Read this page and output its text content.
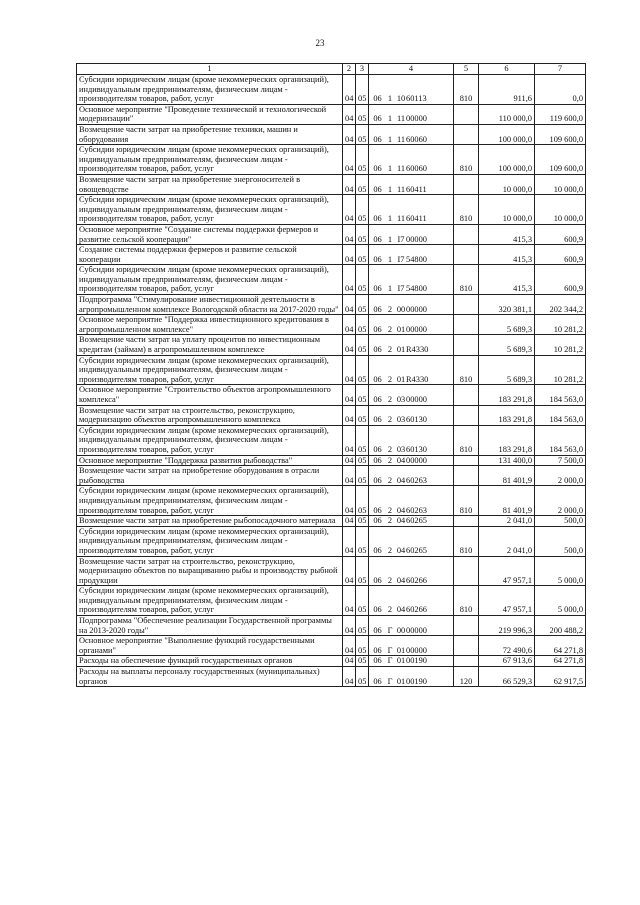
23
1	2	3	4	5	6	7
Субсидии юридическим лицам (кроме некоммерческих организаций), индивидуальным предпринимателям, физическим лицам - производителям товаров, работ, услуг	04	05	06 1 1060113	810	911,6	0,0
Основное мероприятие "Проведение технической и технологической модернизации"	04	05	06 1 1100000		110 000,0	119 600,0
Возмещение части затрат на приобретение техники, машин и оборудования	04	05	06 1 1160060		100 000,0	109 600,0
Субсидии юридическим лицам (кроме некоммерческих организаций), индивидуальным предпринимателям, физическим лицам - производителям товаров, работ, услуг	04	05	06 1 1160060	810	100 000,0	109 600,0
Возмещение части затрат на приобретение энергоносителей в овощеводстве	04	05	06 1 1160411		10 000,0	10 000,0
Субсидии юридическим лицам (кроме некоммерческих организаций), индивидуальным предпринимателям, физическим лицам - производителям товаров, работ, услуг	04	05	06 1 1160411	810	10 000,0	10 000,0
Основное мероприятие "Создание системы поддержки фермеров и развитие сельской кооперации"	04	05	06 1 I7 00000		415,3	600,9
Создание системы поддержки фермеров и развитие сельской кооперации	04	05	06 1 I7 54800		415,3	600,9
Субсидии юридическим лицам (кроме некоммерческих организаций), индивидуальным предпринимателям, физическим лицам - производителям товаров, работ, услуг	04	05	06 1 I7 54800	810	415,3	600,9
Подпрограмма "Стимулирование инвестиционной деятельности в агропромышленном комплексе Вологодской области на 2017-2020 годы"	04	05	06 2 0000000		320 381,1	202 344,2
Основное мероприятие "Поддержка инвестиционного кредитования в агропромышленном комплексе"	04	05	06 2 0100000		5 689,3	10 281,2
Возмещение части затрат на уплату процентов по инвестиционным кредитам (займам) в агропромышленном комплексе	04	05	06 2 01R4330		5 689,3	10 281,2
Субсидии юридическим лицам (кроме некоммерческих организаций), индивидуальным предпринимателям, физическим лицам - производителям товаров, работ, услуг	04	05	06 2 01R4330	810	5 689,3	10 281,2
Основное мероприятие "Строительство объектов агропромышленного комплекса"	04	05	06 2 0300000		183 291,8	184 563,0
Возмещение части затрат на строительство, реконструкцию, модернизацию объектов агропромышленного комплекса	04	05	06 2 0360130		183 291,8	184 563,0
Субсидии юридическим лицам (кроме некоммерческих организаций), индивидуальным предпринимателям, физическим лицам - производителям товаров, работ, услуг	04	05	06 2 0360130	810	183 291,8	184 563,0
Основное мероприятие "Поддержка развития рыбоводства"	04	05	06 2 0400000		131 400,0	7 500,0
Возмещение части затрат на приобретение оборудования в отрасли рыбоводства	04	05	06 2 0460263		81 401,9	2 000,0
Субсидии юридическим лицам (кроме некоммерческих организаций), индивидуальным предпринимателям, физическим лицам - производителям товаров, работ, услуг	04	05	06 2 0460263	810	81 401,9	2 000,0
Возмещение части затрат на приобретение рыбопосадочного материала	04	05	06 2 0460265		2 041,0	500,0
Субсидии юридическим лицам (кроме некоммерческих организаций), индивидуальным предпринимателям, физическим лицам - производителям товаров, работ, услуг	04	05	06 2 0460265	810	2 041,0	500,0
Возмещение части затрат на строительство, реконструкцию, модернизацию объектов по выращиванию рыбы и производству рыбной продукции	04	05	06 2 0460266		47 957,1	5 000,0
Субсидии юридическим лицам (кроме некоммерческих организаций), индивидуальным предпринимателям, физическим лицам - производителям товаров, работ, услуг	04	05	06 2 0460266	810	47 957,1	5 000,0
Подпрограмма "Обеспечение реализации Государственной программы на 2013-2020 годы"	04	05	06 Г 0000000		219 996,3	200 488,2
Основное мероприятие "Выполнение функций государственными органами"	04	05	06 Г 0100000		72 490,6	64 271,8
Расходы на обеспечение функций государственных органов	04	05	06 Г 0100190		67 913,6	64 271,8
Расходы на выплаты персоналу государственных (муниципальных) органов	04	05	06 Г 0100190	120	66 529,3	62 917,5
